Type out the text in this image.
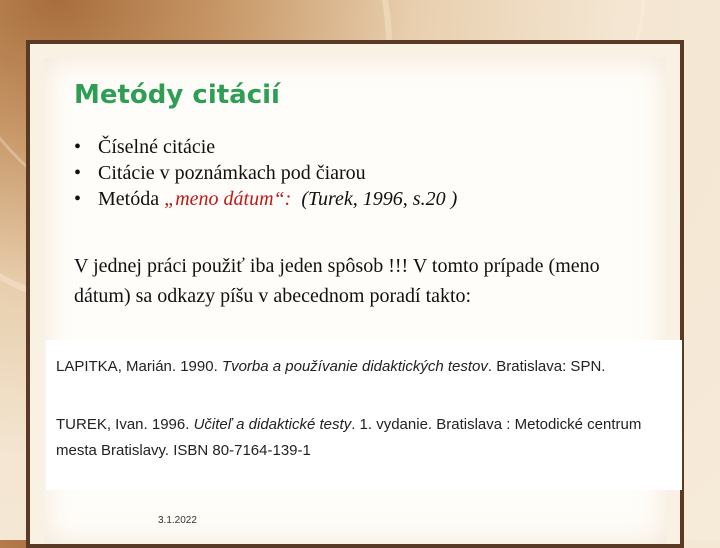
Metódy citácií
• Číselné citácie
• Citácie v poznámkach pod čiarou
• Metóda „meno dátum“: (Turek, 1996, s.20 )

V jednej práci použiť iba jeden spôsob !!! V tomto prípade (meno dátum) sa odkazy píšu v abecednom poradí takto:

LAPITKA, Marián. 1990. Tvorba a používanie didaktických testov. Bratislava: SPN.
TUREK, Ivan. 1996. Učiteľ a didaktické testy. 1. vydanie. Bratislava : Metodické centrum mesta Bratislavy. ISBN 80-7164-139-1
3.1.2022
